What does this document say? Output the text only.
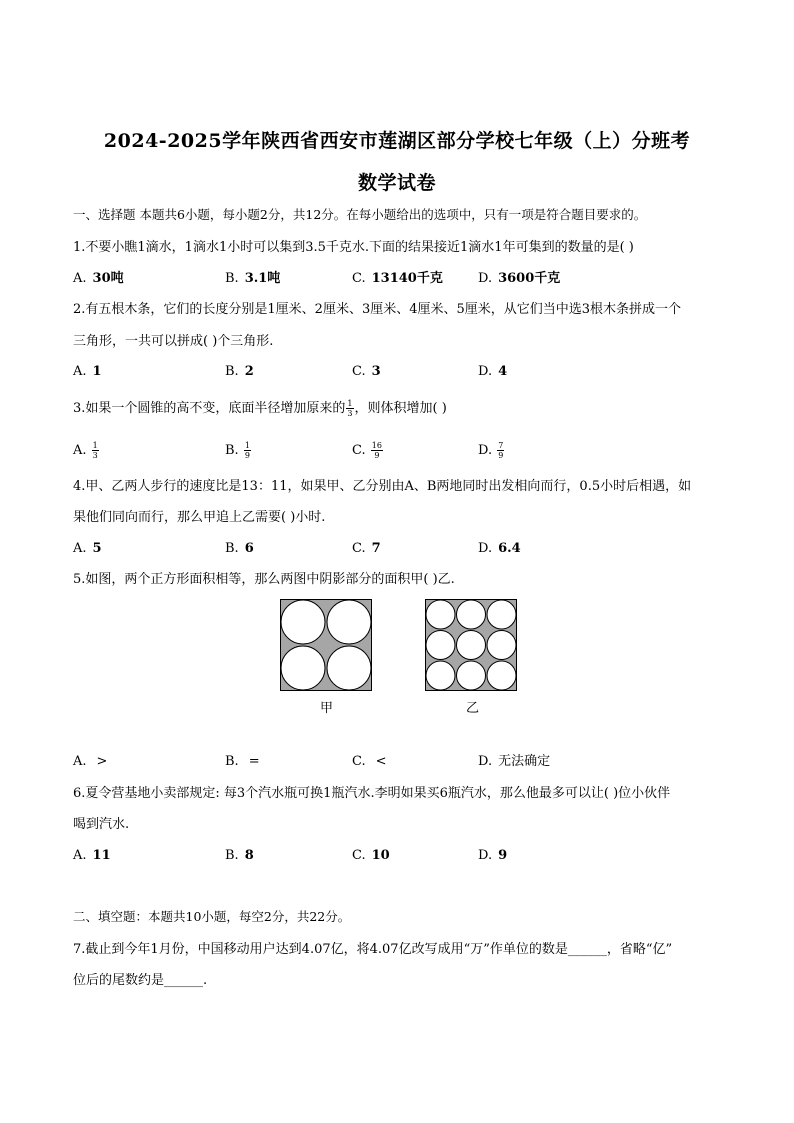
2024-2025学年陕西省西安市莲湖区部分学校七年级（上）分班考
数学试卷
一、选择题 本题共6小题，每小题2分，共12分。在每小题给出的选项中，只有一项是符合题目要求的。
1.不要小瞧1滴水，1滴水1小时可以集到3.5千克水.下面的结果接近1滴水1年可集到的数量的是( )
A. 30吨	B. 3.1吨	C. 13140千克	D. 3600千克
2.有五根木条，它们的长度分别是1厘米、2厘米、3厘米、4厘米、5厘米，从它们当中选3根木条拼成一个
三角形，一共可以拼成( )个三角形.
A. 1	B. 2	C. 3	D. 4
3.如果一个圆锥的高不变，底面半径增加原来的 $\frac{1}{3}$ ，则体积增加( )
A. $\frac{1}{3}$	B. $\frac{1}{9}$	C. $\frac{16}{9}$	D. $\frac{7}{9}$
4.甲、乙两人步行的速度比是13：11，如果甲、乙分别由A、B两地同时出发相向而行，0.5小时后相遇，如
果他们同向而行，那么甲追上乙需要( )小时.
A. 5	B. 6	C. 7	D. 6.4
5.如图，两个正方形面积相等，那么两图中阴影部分的面积甲( )乙.
甲	乙
A. >	B. =	C. <	D. 无法确定
6.夏令营基地小卖部规定: 每3个汽水瓶可换1瓶汽水.李明如果买6瓶汽水，那么他最多可以让( )位小伙伴
喝到汽水.
A. 11	B. 8	C. 10	D. 9
二、填空题：本题共10小题，每空2分，共22分。
7.截止到今年1月份，中国移动用户达到4.07亿，将4.07亿改写成用“万”作单位的数是______，省略“亿”
位后的尾数约是______.
